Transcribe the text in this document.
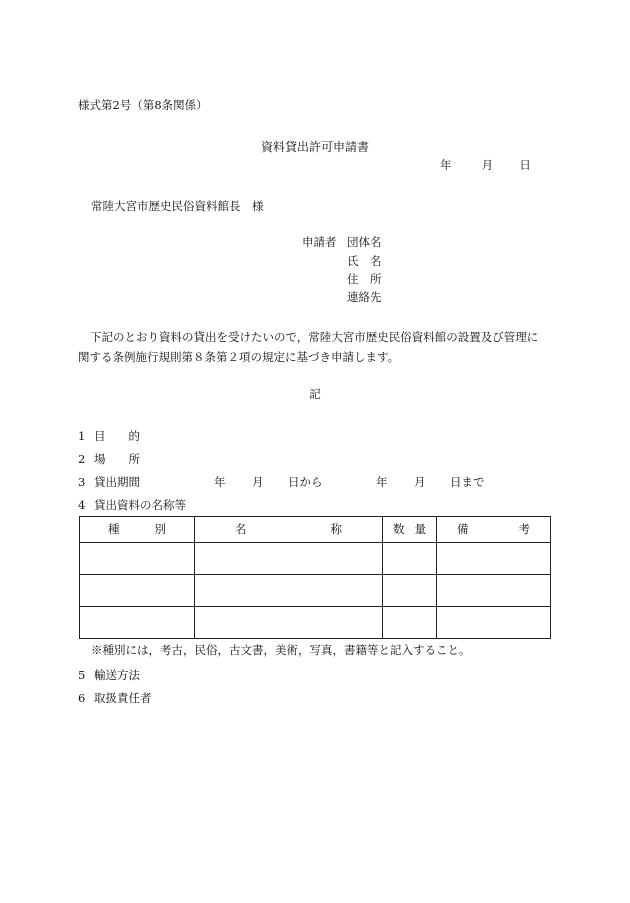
様式第2号（第8条関係）
資料貸出許可申請書
年	月 日
常陸大宮市歴史民俗資料館長　様
申請者 団体名
氏　名
住　所
連絡先

下記のとおり資料の貸出を受けたいので，常陸大宮市歴史民俗資料館の設置及び管理に

関する条例施行規則第８条第２項の規定に基づき申請します。

記
1 目　　的
2 場　　所
3 貸出期間	年 月 日から	年 月 日まで
4 貸出資料の名称等
種 別	名 称	数 量	備 考

※種別には，考古，民俗，古文書，美術，写真，書籍等と記入すること。
5 輸送方法
6 取扱責任者
